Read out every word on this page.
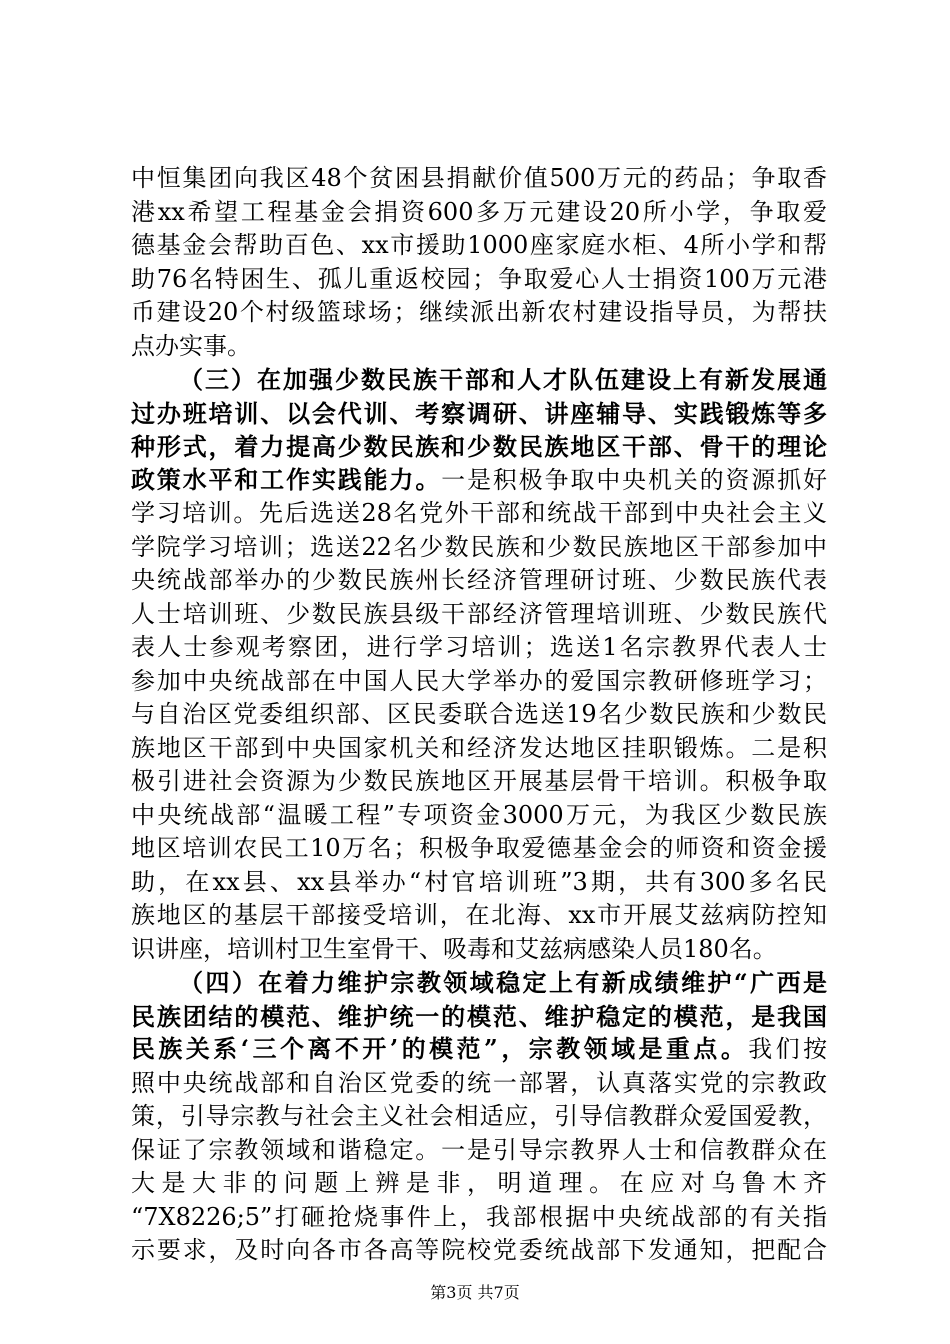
中恒集团向我区48个贫困县捐献价值500万元的药品；争取香
港xx希望工程基金会捐资600多万元建设20所小学，争取爱
德基金会帮助百色、xx市援助1000座家庭水柜、4所小学和帮
助76名特困生、孤儿重返校园；争取爱心人士捐资100万元港
币建设20个村级篮球场；继续派出新农村建设指导员，为帮扶
点办实事。
（三）在加强少数民族干部和人才队伍建设上有新发展通
过办班培训、以会代训、考察调研、讲座辅导、实践锻炼等多
种形式，着力提高少数民族和少数民族地区干部、骨干的理论
政策水平和工作实践能力。一是积极争取中央机关的资源抓好
学习培训。先后选送28名党外干部和统战干部到中央社会主义
学院学习培训；选送22名少数民族和少数民族地区干部参加中
央统战部举办的少数民族州长经济管理研讨班、少数民族代表
人士培训班、少数民族县级干部经济管理培训班、少数民族代
表人士参观考察团，进行学习培训；选送1名宗教界代表人士
参加中央统战部在中国人民大学举办的爱国宗教研修班学习；
与自治区党委组织部、区民委联合选送19名少数民族和少数民
族地区干部到中央国家机关和经济发达地区挂职锻炼。二是积
极引进社会资源为少数民族地区开展基层骨干培训。积极争取
中央统战部“温暖工程”专项资金3000万元，为我区少数民族
地区培训农民工10万名；积极争取爱德基金会的师资和资金援
助，在xx县、xx县举办“村官培训班”3期，共有300多名民
族地区的基层干部接受培训，在北海、xx市开展艾兹病防控知
识讲座，培训村卫生室骨干、吸毒和艾兹病感染人员180名。
（四）在着力维护宗教领域稳定上有新成绩维护“广西是
民族团结的模范、维护统一的模范、维护稳定的模范，是我国
民族关系‘三个离不开’的模范”，宗教领域是重点。我们按
照中央统战部和自治区党委的统一部署，认真落实党的宗教政
策，引导宗教与社会主义社会相适应，引导信教群众爱国爱教，
保证了宗教领域和谐稳定。一是引导宗教界人士和信教群众在
大是大非的问题上辨是非，明道理。在应对乌鲁木齐
“7X8226;5”打砸抢烧事件上，我部根据中央统战部的有关指
示要求，及时向各市各高等院校党委统战部下发通知，把配合
第3页 共7页
